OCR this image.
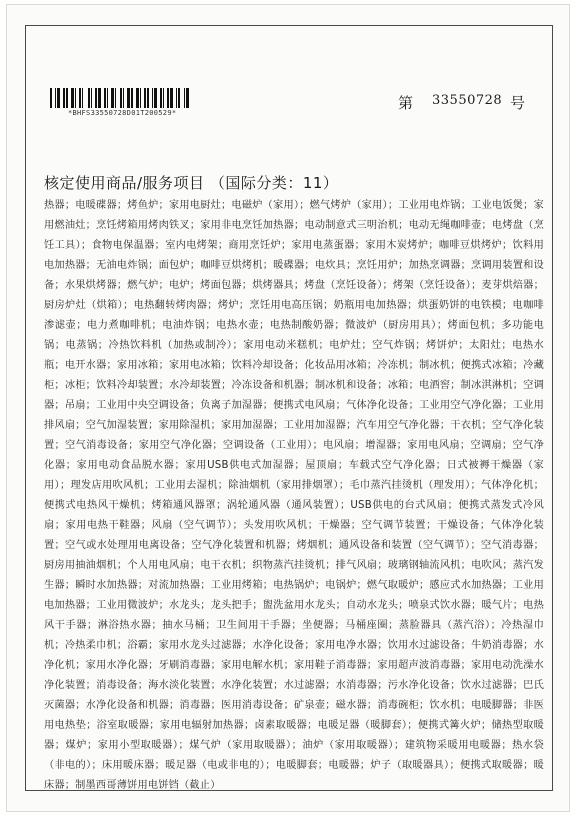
*BHFS33550728D01T200529*
第 33550728 号
核定使用商品/服务项目 （国际分类：11）
热器；电暖碟器；烤鱼炉；家用电厨灶；电磁炉（家用）；燃气烤炉（家用）；工业用电炸锅；工业电饭煲；家用燃油灶；烹饪烤箱用烤肉铁叉；家用非电烹饪加热器；电动制意式三明治机；电动无绳咖啡壶；电烤盘（烹饪工具）；食物电保温器；室内电烤架；商用烹饪炉；家用电蒸蛋器；家用木炭烤炉；咖啡豆烘烤炉；饮料用电加热器；无油电炸锅；面包炉；咖啡豆烘烤机；暖碟器；电炊具；烹饪用炉；加热烹调器；烹调用装置和设备；水果烘烤器；燃气炉；电炉；烤面包器；烘烤器具；烤盘（烹饪设备）；烤架（烹饪设备）；麦芽烘焙器；厨房炉灶（烘箱）；电热翻转烤肉器；烤炉；烹饪用电高压锅；奶瓶用电加热器；烘蛋奶饼的电铁模；电咖啡渗滤壶；电力煮咖啡机；电油炸锅；电热水壶；电热制酸奶器；微波炉（厨房用具）；烤面包机；多功能电锅；电蒸锅；冷热饮料机（加热或制冷）；家用电动米糕机；电炉灶；空气炸锅；烤饼炉；太阳灶；电热水瓶；电开水器；家用冰箱；家用电冰箱；饮料冷却设备；化妆品用冰箱；冷冻机；制冰机；便携式冰箱；冷藏柜；冰柜；饮料冷却装置；水冷却装置；冷冻设备和机器；制冰机和设备；冰箱；电酒窖；制冰淇淋机；空调器；吊扇；工业用中央空调设备；负离子加湿器；便携式电风扇；气体净化设备；工业用空气净化器；工业用排风扇；空气加湿装置；家用除湿机；家用加湿器；工业用加湿器；汽车用空气净化器；干衣机；空气净化装置；空气消毒设备；家用空气净化器；空调设备（工业用）；电风扇；增湿器；家用电风扇；空调扇；空气净化器；家用电动食品脱水器；家用USB供电式加湿器；屋顶扇；车载式空气净化器；日式被褥干燥器（家用）；理发店用吹风机；工业用去湿机；除油烟机（家用排烟罩）；毛巾蒸汽挂烫机（理发用）；气体净化机；便携式电热风干燥机；烤箱通风器罩；涡轮通风器（通风装置）；USB供电的台式风扇；便携式蒸发式冷风扇；家用电热干鞋器；风扇（空气调节）；头发用吹风机；干燥器；空气调节装置；干燥设备；气体净化装置；空气或水处理用电离设备；空气净化装置和机器；烤烟机；通风设备和装置（空气调节）；空气消毒器；厨房用抽油烟机；个人用电风扇；电干衣机；织物蒸汽挂烫机；排气风扇；玻璃钢轴流风机；电吹风；蒸汽发生器；瞬时水加热器；对流加热器；工业用烤箱；电热锅炉；电锅炉；燃气取暖炉；感应式水加热器；工业用电加热器；工业用微波炉；水龙头；龙头把手；盥洗盆用水龙头；自动水龙头；喷泉式饮水器；暖气片；电热风干手器；淋浴热水器；抽水马桶；卫生间用干手器；坐便器；马桶座圈；蒸脸器具（蒸汽浴）；冷热湿巾机；冷热柔巾机；浴霸；家用水龙头过滤器；水净化设备；家用电净水器；饮用水过滤设备；牛奶消毒器；水净化机；家用水净化器；牙刷消毒器；家用电解水机；家用鞋子消毒器；家用超声波消毒器；家用电动洗澡水净化装置；消毒设备；海水淡化装置；水净化装置；水过滤器；水消毒器；污水净化设备；饮水过滤器；巴氏灭菌器；水净化设备和机器；消毒器；医用消毒设备；矿泉壶；磁水器；消毒碗柜；饮水机；电暖脚器；非医用电热垫；浴室取暖器；家用电辐射加热器；卤素取暖器；电暖足器（暖脚套）；便携式篝火炉；储热型取暖器；煤炉；家用小型取暖器）；煤气炉（家用取暖器）；油炉（家用取暖器）；建筑物采暖用电暖器；热水袋（非电的）；床用暖床器；暖足器（电或非电的）；电暖脚套；电暖器；炉子（取暖器具）；便携式取暖器；暖床器；制墨西哥薄饼用电饼铛（截止）
